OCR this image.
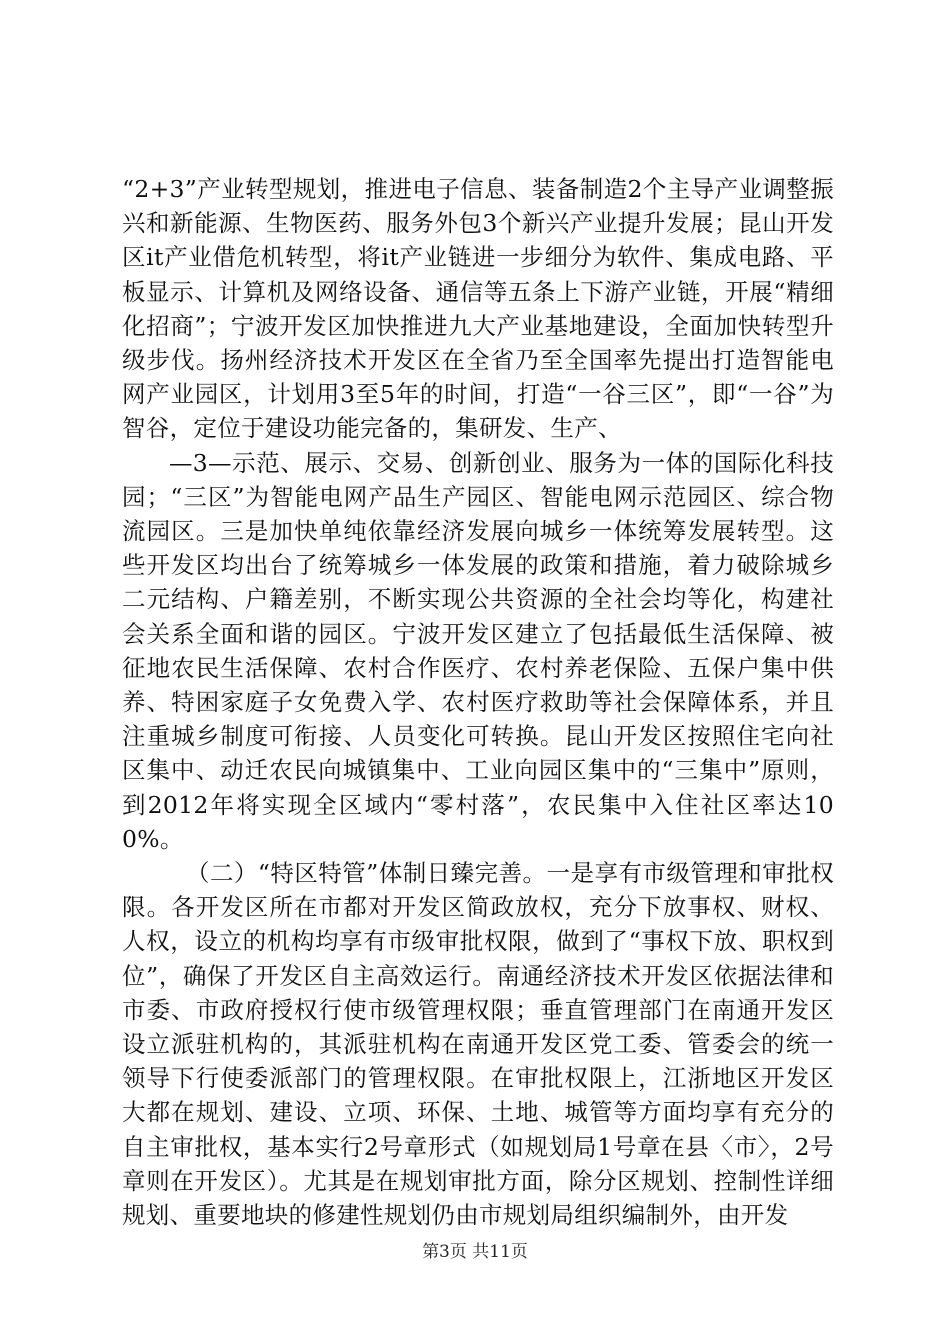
“2+3”产业转型规划，推进电子信息、装备制造2个主导产业调整振兴和新能源、生物医药、服务外包3个新兴产业提升发展；昆山开发区it产业借危机转型，将it产业链进一步细分为软件、集成电路、平板显示、计算机及网络设备、通信等五条上下游产业链，开展“精细化招商”；宁波开发区加快推进九大产业基地建设，全面加快转型升级步伐。扬州经济技术开发区在全省乃至全国率先提出打造智能电网产业园区，计划用3至5年的时间，打造“一谷三区”，即“一谷”为智谷，定位于建设功能完备的，集研发、生产、

—3—示范、展示、交易、创新创业、服务为一体的国际化科技园；“三区”为智能电网产品生产园区、智能电网示范园区、综合物流园区。三是加快单纯依靠经济发展向城乡一体统筹发展转型。这些开发区均出台了统筹城乡一体发展的政策和措施，着力破除城乡二元结构、户籍差别，不断实现公共资源的全社会均等化，构建社会关系全面和谐的园区。宁波开发区建立了包括最低生活保障、被征地农民生活保障、农村合作医疗、农村养老保险、五保户集中供养、特困家庭子女免费入学、农村医疗救助等社会保障体系，并且注重城乡制度可衔接、人员变化可转换。昆山开发区按照住宅向社区集中、动迁农民向城镇集中、工业向园区集中的“三集中”原则，到2012年将实现全区域内“零村落”，农民集中入住社区率达100%。

（二）“特区特管”体制日臻完善。一是享有市级管理和审批权限。各开发区所在市都对开发区简政放权，充分下放事权、财权、人权，设立的机构均享有市级审批权限，做到了“事权下放、职权到位”，确保了开发区自主高效运行。南通经济技术开发区依据法律和市委、市政府授权行使市级管理权限；垂直管理部门在南通开发区设立派驻机构的，其派驻机构在南通开发区党工委、管委会的统一领导下行使委派部门的管理权限。在审批权限上，江浙地区开发区大都在规划、建设、立项、环保、土地、城管等方面均享有充分的自主审批权，基本实行2号章形式（如规划局1号章在县〈市〉，2号章则在开发区）。尤其是在规划审批方面，除分区规划、控制性详细规划、重要地块的修建性规划仍由市规划局组织编制外，由开发

第3页 共11页
